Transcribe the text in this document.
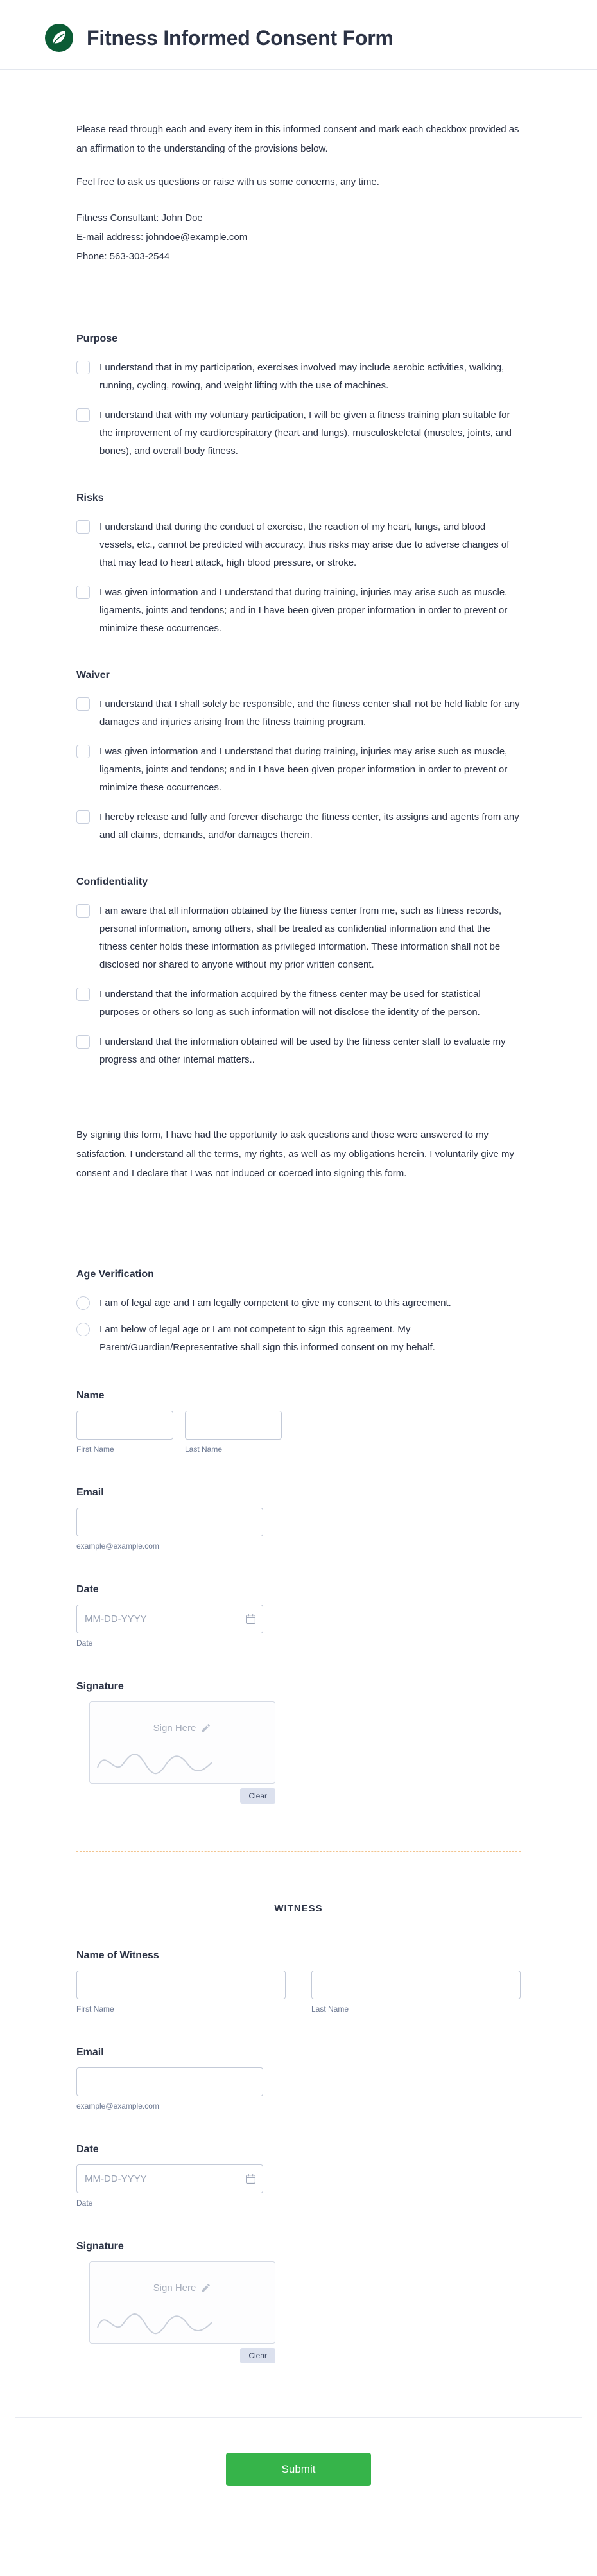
Fitness Informed Consent Form

Please read through each and every item in this informed consent and mark each checkbox provided as an affirmation to the understanding of the provisions below.

Feel free to ask us questions or raise with us some concerns, any time.

Fitness Consultant: John Doe
E-mail address: johndoe@example.com
Phone: 563-303-2544
Purpose
I understand that in my participation, exercises involved may include aerobic activities, walking, running, cycling, rowing, and weight lifting with the use of machines.
I understand that with my voluntary participation, I will be given a fitness training plan suitable for the improvement of my cardiorespiratory (heart and lungs), musculoskeletal (muscles, joints, and bones), and overall body fitness.
Risks
I understand that during the conduct of exercise, the reaction of my heart, lungs, and blood vessels, etc., cannot be predicted with accuracy, thus risks may arise due to adverse changes of that may lead to heart attack, high blood pressure, or stroke.
I was given information and I understand that during training, injuries may arise such as muscle, ligaments, joints and tendons; and in I have been given proper information in order to prevent or minimize these occurrences.
Waiver
I understand that I shall solely be responsible, and the fitness center shall not be held liable for any damages and injuries arising from the fitness training program.
I was given information and I understand that during training, injuries may arise such as muscle, ligaments, joints and tendons; and in I have been given proper information in order to prevent or minimize these occurrences.
I hereby release and fully and forever discharge the fitness center, its assigns and agents from any and all claims, demands, and/or damages therein.
Confidentiality
I am aware that all information obtained by the fitness center from me, such as fitness records, personal information, among others, shall be treated as confidential information and that the fitness center holds these information as privileged information. These information shall not be disclosed nor shared to anyone without my prior written consent.
I understand that the information acquired by the fitness center may be used for statistical purposes or others so long as such information will not disclose the identity of the person.
I understand that the information obtained will be used by the fitness center staff to evaluate my progress and other internal matters..

By signing this form, I have had the opportunity to ask questions and those were answered to my satisfaction. I understand all the terms, my rights, as well as my obligations herein. I voluntarily give my consent and I declare that I was not induced or coerced into signing this form.

Age Verification
I am of legal age and I am legally competent to give my consent to this agreement.
I am below of legal age or I am not competent to sign this agreement. My Parent/Guardian/Representative shall sign this informed consent on my behalf.
Name
First Name	Last Name
Email
example@example.com
Date
MM-DD-YYYY
Date
Signature
Sign Here
Clear
WITNESS
Name of Witness
First Name	Last Name
Email
example@example.com
Date
MM-DD-YYYY
Date
Signature
Sign Here
Clear
Submit
